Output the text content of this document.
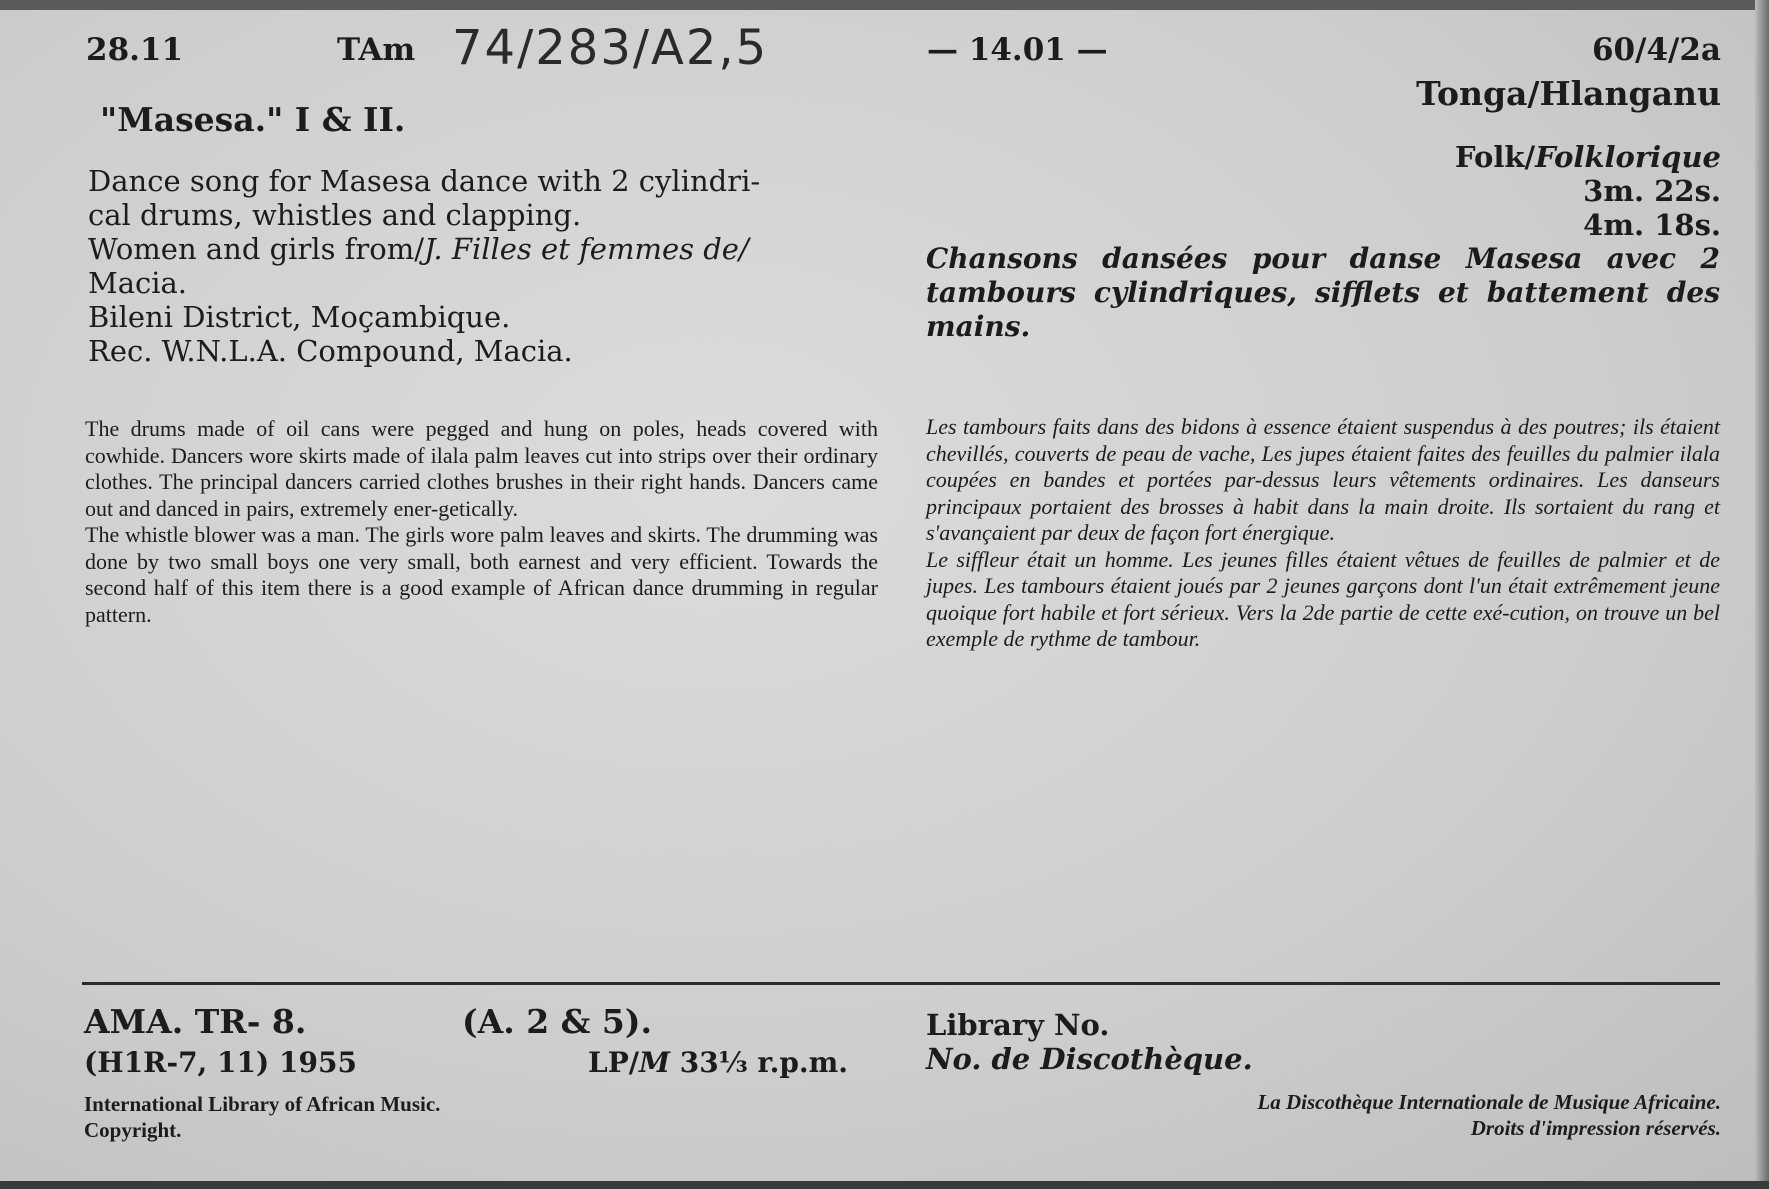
28.11	TAm 74/283/A2,5	— 14.01 —	60/4/2a
"Masesa." I & II.
Tonga/Hlanganu
Folk/Folklorique
3m. 22s.
4m. 18s.
Dance song for Masesa dance with 2 cylindri-
cal drums, whistles and clapping.
Women and girls from/J. Filles et femmes de/
Macia.
Bileni District, Moçambique.
Rec. W.N.L.A. Compound, Macia.
Chansons dansées pour danse Masesa avec 2
tambours cylindriques, sifflets et battement des
mains.

The drums made of oil cans were pegged and hung on poles, heads covered with cowhide. Dancers wore skirts made of ilala palm leaves cut into strips over their ordinary clothes. The principal dancers carried clothes brushes in their right hands. Dancers came out and danced in pairs, extremely ener-getically.

The whistle blower was a man. The girls wore palm leaves and skirts. The drumming was done by two small boys one very small, both earnest and very efficient. Towards the second half of this item there is a good example of African dance drumming in regular pattern.

Les tambours faits dans des bidons à essence étaient suspendus à des poutres; ils étaient chevillés, couverts de peau de vache, Les jupes étaient faites des feuilles du palmier ilala coupées en bandes et portées par-dessus leurs vêtements ordinaires. Les danseurs principaux portaient des brosses à habit dans la main droite. Ils sortaient du rang et s'avançaient par deux de façon fort énergique.

Le siffleur était un homme. Les jeunes filles étaient vêtues de feuilles de palmier et de jupes. Les tambours étaient joués par 2 jeunes garçons dont l'un était extrêmement jeune quoique fort habile et fort sérieux. Vers la 2de partie de cette exé-cution, on trouve un bel exemple de rythme de tambour.

AMA. TR- 8.	(A. 2 & 5).
(H1R-7, 11) 1955	LP/M 33⅓ r.p.m.
International Library of African Music.
Copyright.
Library No.
No. de Discothèque.
La Discothèque Internationale de Musique Africaine.
Droits d'impression réservés.
